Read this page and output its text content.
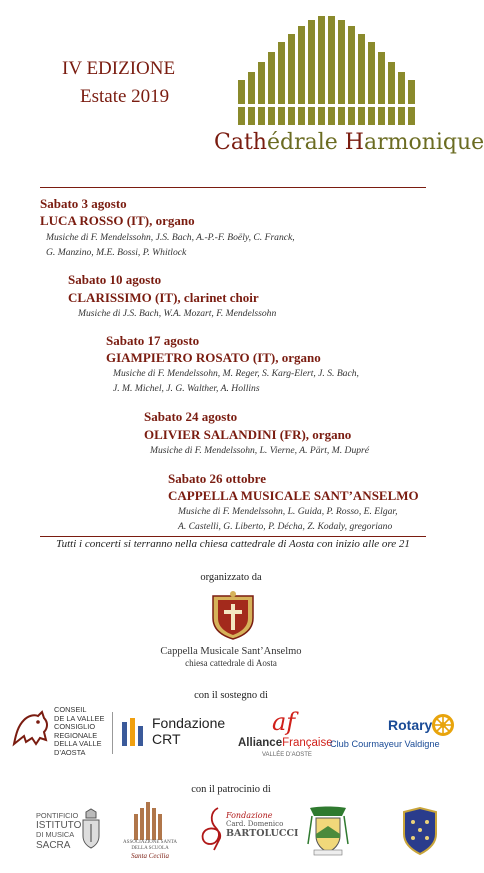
IV EDIZIONE
Estate 2019
Cathédrale Harmonique
Sabato 3 agosto
LUCA ROSSO (IT), organo
Musiche di F. Mendelssohn, J.S. Bach, A.-P.-F. Boëly, C. Franck,
G. Manzino, M.E. Bossi, P. Whitlock
Sabato 10 agosto
CLARISSIMO (IT), clarinet choir
Musiche di J.S. Bach, W.A. Mozart, F. Mendelssohn
Sabato 17 agosto
GIAMPIETRO ROSATO (IT), organo
Musiche di F. Mendelssohn, M. Reger, S. Karg-Elert, J. S. Bach,
J. M. Michel, J. G. Walther, A. Hollins
Sabato 24 agosto
OLIVIER SALANDINI (FR), organo
Musiche di F. Mendelssohn, L. Vierne, A. Pärt, M. Dupré
Sabato 26 ottobre
CAPPELLA MUSICALE SANT’ANSELMO
Musiche di F. Mendelssohn, L. Guida, P. Rosso, E. Elgar,
A. Castelli, G. Liberto, P. Décha, Z. Kodaly, gregoriano
Tutti i concerti si terranno nella chiesa cattedrale di Aosta con inizio alle ore 21
organizzato da
Cappella Musicale Sant’Anselmo
chiesa cattedrale di Aosta
con il sostegno di
CONSEIL
DE LA VALLEE
CONSIGLIO
REGIONALE
DELLA VALLE
D’AOSTA
Fondazione
CRT
af
AllianceFrançaise
VALLÉE D’AOSTE
Rotary
Club Courmayeur Valdigne
con il patrocinio di
PONTIFICIO
ISTITUTO
DI MUSICA
SACRA	ASSOCIAZIONE SANTA
DELLA SCUOLA
Santa Cecilia
Fondazione
Card. Domenico
BARTOLUCCI
